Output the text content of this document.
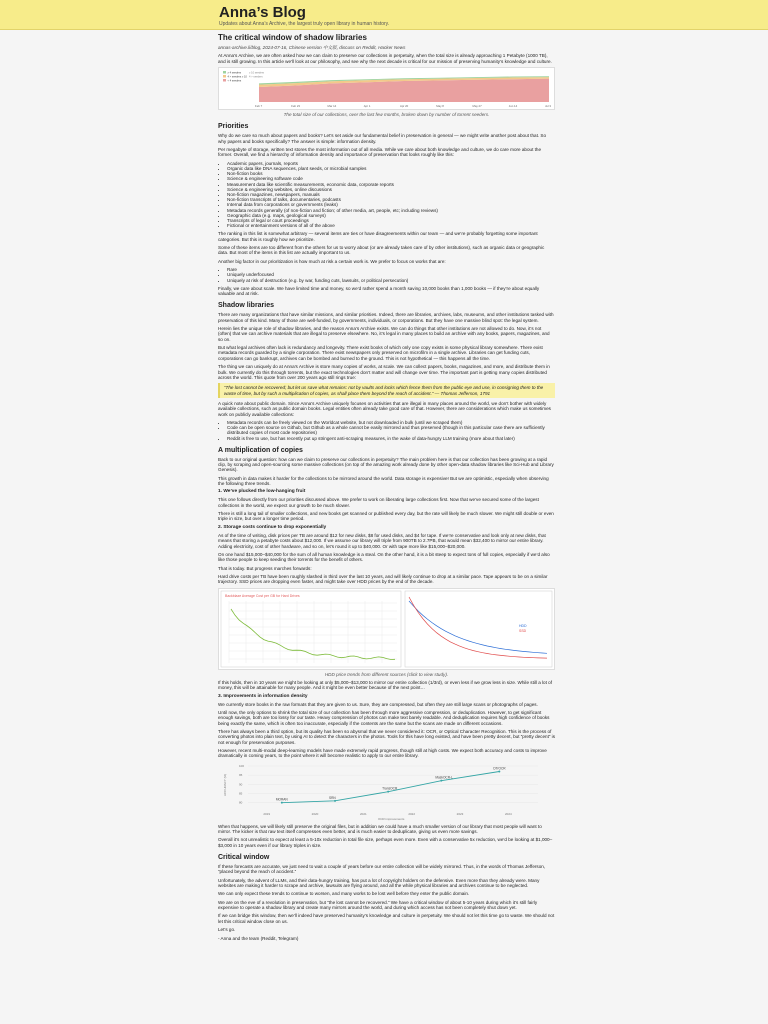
Anna’s Blog
Updates about Anna’s Archive, the largest truly open library in human history.
The critical window of shadow libraries

annas-archive.li/blog, 2024-07-16, Chinese version 中文版, discuss on Reddit, Hacker News

At Anna’s Archive, we are often asked how we can claim to preserve our collections in perpetuity, when the total size is already approaching 1 Petabyte (1000 TB), and is still growing. In this article we’ll look at our philosophy, and see why the next decade is critical for our mission of preserving humanity’s knowledge and culture.

Feb 7	Feb 23	Mar 14	Apr 1	Apr 20	May 8	May 27	Jun 14	Jul 3
≥ 4 seeders
4 > seeders ≥ 10
< 4 seeders
≥ 10 seeders
4 > seeders

The total size of our collections, over the last few months, broken down by number of torrent seeders.

Priorities

Why do we care so much about papers and books? Let’s set aside our fundamental belief in preservation in general — we might write another post about that. So why papers and books specifically? The answer is simple: information density.

Per megabyte of storage, written text stores the most information out of all media. While we care about both knowledge and culture, we do care more about the former. Overall, we find a hierarchy of information density and importance of preservation that looks roughly like this:

• Academic papers, journals, reports
• Organic data like DNA sequences, plant seeds, or microbial samples
• Non-fiction books
• Science & engineering software code
• Measurement data like scientific measurements, economic data, corporate reports
• Science & engineering websites, online discussions
• Non-fiction magazines, newspapers, manuals
• Non-fiction transcripts of talks, documentaries, podcasts
• Internal data from corporations or governments (leaks)
• Metadata records generally (of non-fiction and fiction; of other media, art, people, etc; including reviews)
• Geographic data (e.g. maps, geological surveys)
• Transcripts of legal or court proceedings
• Fictional or entertainment versions of all of the above

The ranking in this list is somewhat arbitrary — several items are ties or have disagreements within our team — and we’re probably forgetting some important categories. But this is roughly how we prioritize.

Some of these items are too different from the others for us to worry about (or are already taken care of by other institutions), such as organic data or geographic data. But most of the items in this list are actually important to us.

Another big factor in our prioritization is how much at risk a certain work is. We prefer to focus on works that are:

• Rare
• Uniquely underfocused
• Uniquely at risk of destruction (e.g. by war, funding cuts, lawsuits, or political persecution)

Finally, we care about scale. We have limited time and money, so we’d rather spend a month saving 10,000 books than 1,000 books — if they’re about equally valuable and at risk.

Shadow libraries

There are many organizations that have similar missions, and similar priorities. Indeed, there are libraries, archives, labs, museums, and other institutions tasked with preservation of this kind. Many of those are well-funded, by governments, individuals, or corporations. But they have one massive blind spot: the legal system.

Herein lies the unique role of shadow libraries, and the reason Anna’s Archive exists. We can do things that other institutions are not allowed to do. Now, it’s not (often) that we can archive materials that are illegal to preserve elsewhere. No, it’s legal in many places to build an archive with any books, papers, magazines, and so on.

But what legal archives often lack is redundancy and longevity. There exist books of which only one copy exists in some physical library somewhere. There exist metadata records guarded by a single corporation. There exist newspapers only preserved on microfilm in a single archive. Libraries can get funding cuts, corporations can go bankrupt, archives can be bombed and burned to the ground. This is not hypothetical — this happens all the time.

The thing we can uniquely do at Anna’s Archive is store many copies of works, at scale. We can collect papers, books, magazines, and more, and distribute them in bulk. We currently do this through torrents, but the exact technologies don’t matter and will change over time. The important part is getting many copies distributed across the world. This quote from over 200 years ago still rings true:

“The lost cannot be recovered; but let us save what remains: not by vaults and locks which fence them from the public eye and use, in consigning them to the waste of time, but by such a multiplication of copies, as shall place them beyond the reach of accident.” — Thomas Jefferson, 1791

A quick note about public domain. Since Anna’s Archive uniquely focuses on activities that are illegal in many places around the world, we don’t bother with widely available collections, such as public domain books. Legal entities often already take good care of that. However, there are considerations which make us sometimes work on publicly available collections:

• Metadata records can be freely viewed on the Worldcat website, but not downloaded in bulk (until we scraped them)
• Code can be open source on Github, but Github as a whole cannot be easily mirrored and thus preserved (though in this particular case there are sufficiently distributed copies of most code repositories)
• Reddit is free to use, but has recently put up stringent anti-scraping measures, in the wake of data-hungry LLM training (more about that later)
A multiplication of copies

Back to our original question: how can we claim to preserve our collections in perpetuity? The main problem here is that our collection has been growing at a rapid clip, by scraping and open-sourcing some massive collections (on top of the amazing work already done by other open-data shadow libraries like Sci-Hub and Library Genesis).

This growth in data makes it harder for the collections to be mirrored around the world. Data storage is expensive! But we are optimistic, especially when observing the following three trends.

1. We’ve plucked the low-hanging fruit

This one follows directly from our priorities discussed above. We prefer to work on liberating large collections first. Now that we’ve secured some of the largest collections in the world, we expect our growth to be much slower.

There is still a long tail of smaller collections, and new books get scanned or published every day, but the rate will likely be much slower. We might still double or even triple in size, but over a longer time period.

2. Storage costs continue to drop exponentially

As of the time of writing, disk prices per TB are around $12 for new disks, $8 for used disks, and $4 for tape. If we’re conservative and look only at new disks, that means that storing a petabyte costs about $12,000. If we assume our library will triple from 900TB to 2.7PB, that would mean $32,400 to mirror our entire library. Adding electricity, cost of other hardware, and so on, let’s round it up to $40,000. Or with tape more like $15,000–$20,000.

On one hand $15,000–$40,000 for the sum of all human knowledge is a steal. On the other hand, it is a bit steep to expect tons of full copies, especially if we’d also like those people to keep seeding their torrents for the benefit of others.

That is today. But progress marches forwards:

Hard drive costs per TB have been roughly slashed in third over the last 10 years, and will likely continue to drop at a similar pace. Tape appears to be on a similar trajectory. SSD prices are dropping even faster, and might take over HDD prices by the end of the decade.

Backblaze Average Cost per GB for Hard Drives
HDD
SSD

HDD price trends from different sources (click to view study).

If this holds, then in 10 years we might be looking at only $5,000–$13,000 to mirror our entire collection (1/3rd), or even less if we grow less in size. While still a lot of money, this will be attainable for many people. And it might be even better because of the next point…

3. Improvements in information density

We currently store books in the raw formats that they are given to us. Sure, they are compressed, but often they are still large scans or photographs of pages.

Until now, the only options to shrink the total size of our collection has been through more aggressive compression, or deduplication. However, to get significant enough savings, both are too lossy for our taste. Heavy compression of photos can make text barely readable. And deduplication requires high confidence of books being exactly the same, which is often too inaccurate, especially if the contents are the same but the scans are made on different occasions.

There has always been a third option, but its quality has been so abysmal that we never considered it: OCR, or Optical Character Recognition. This is the process of converting photos into plain text, by using AI to detect the characters in the photos. Tools for this have long existed, and have been pretty decent, but “pretty decent” is not enough for preservation purposes.

However, recent multi-modal deep-learning models have made extremely rapid progress, though still at high costs. We expect both accuracy and costs to improve dramatically in coming years, to the point where it will become realistic to apply to our entire library.

80
85
90
95
100
2019	2020	2021	2022	2023	2024
ACCURACY (%)
OCR improvements
MORAN	SRN
TransOCR
MaskOCR-L
DTrOCR

When that happens, we will likely still preserve the original files, but in addition we could have a much smaller version of our library that most people will want to mirror. The kicker is that raw text itself compresses even better, and is much easier to deduplicate, giving us even more savings.

Overall it’s not unrealistic to expect at least a 5-10x reduction in total file size, perhaps even more. Even with a conservative 5x reduction, we’d be looking at $1,000–$3,000 in 10 years even if our library triples in size.

Critical window

If these forecasts are accurate, we just need to wait a couple of years before our entire collection will be widely mirrored. Thus, in the words of Thomas Jefferson, “placed beyond the reach of accident.”

Unfortunately, the advent of LLMs, and their data-hungry training, has put a lot of copyright holders on the defensive. Even more than they already were. Many websites are making it harder to scrape and archive, lawsuits are flying around, and all the while physical libraries and archives continue to be neglected.

We can only expect these trends to continue to worsen, and many works to be lost well before they enter the public domain.

We are on the eve of a revolution in preservation, but “the lost cannot be recovered.” We have a critical window of about 5-10 years during which it’s still fairly expensive to operate a shadow library and create many mirrors around the world, and during which access has not been completely shut down yet.

If we can bridge this window, then we’ll indeed have preserved humanity’s knowledge and culture in perpetuity. We should not let this time go to waste. We should not let this critical window close on us.

Let’s go.

- Anna and the team (Reddit, Telegram)
